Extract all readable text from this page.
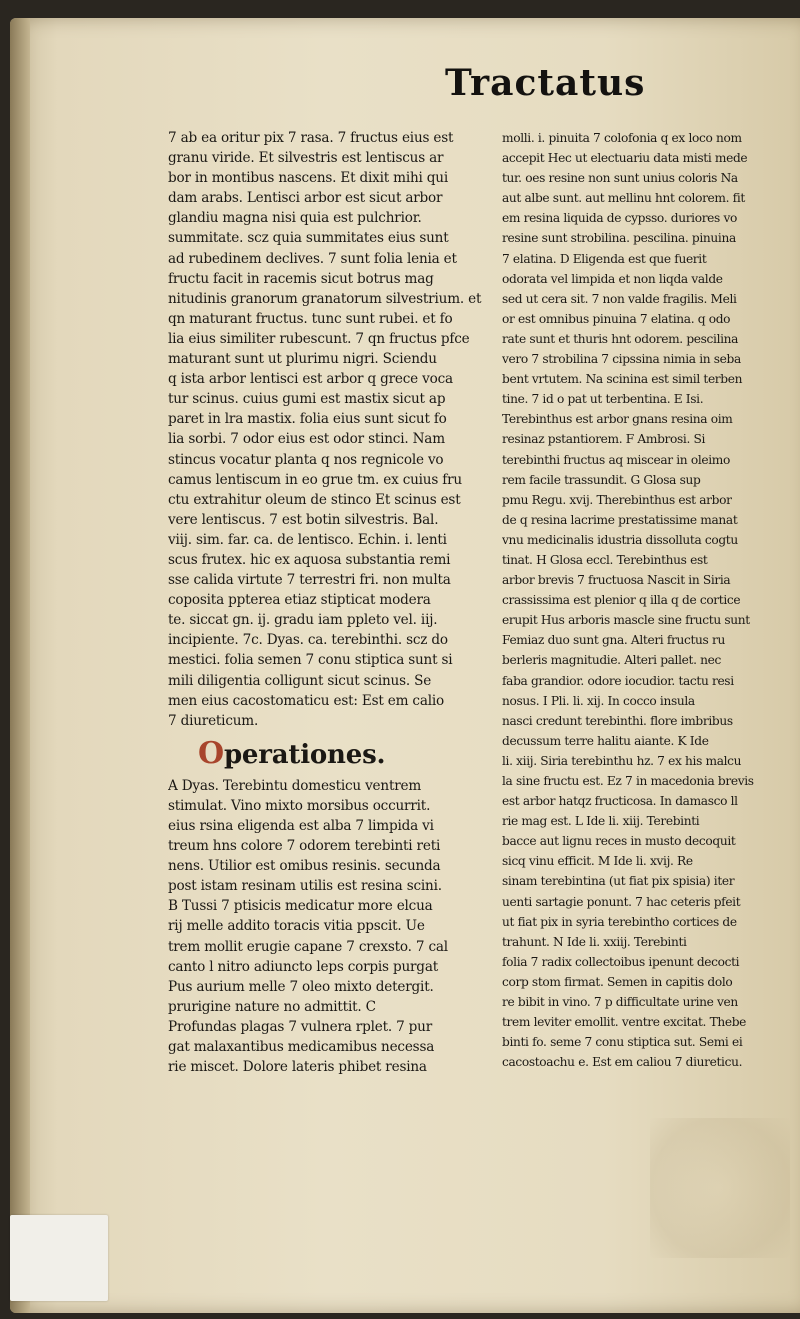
Tractatus
7 ab ea oritur pix 7 rasa. 7 fructus eius est
granu viride. Et silvestris est lentiscus ar
bor in montibus nascens. Et dixit mihi qui
dam arabs. Lentisci arbor est sicut arbor
glandiu magna nisi quia est pulchrior.
summitate. scz quia summitates eius sunt
ad rubedinem declives. 7 sunt folia lenia et
fructu facit in racemis sicut botrus mag
nitudinis granorum granatorum silvestrium. et
qn maturant fructus. tunc sunt rubei. et fo
lia eius similiter rubescunt. 7 qn fructus pfce
maturant sunt ut plurimu nigri. Sciendu
q ista arbor lentisci est arbor q grece voca
tur scinus. cuius gumi est mastix sicut ap
paret in lra mastix. folia eius sunt sicut fo
lia sorbi. 7 odor eius est odor stinci. Nam
stincus vocatur planta q nos regnicole vo
camus lentiscum in eo grue tm. ex cuius fru
ctu extrahitur oleum de stinco Et scinus est
vere lentiscus. 7 est botin silvestris. Bal.
viij. sim. far. ca. de lentisco. Echin. i. lenti
scus frutex. hic ex aquosa substantia remi
sse calida virtute 7 terrestri fri. non multa
coposita ppterea etiaz stipticat modera
te. siccat gn. ij. gradu iam ppleto vel. iij.
incipiente. 7c. Dyas. ca. terebinthi. scz do
mestici. folia semen 7 conu stiptica sunt si
mili diligentia colligunt sicut scinus. Se
men eius cacostomaticu est: Est em calio
7 diureticum.
Operationes.
A Dyas. Terebintu domesticu ventrem
stimulat. Vino mixto morsibus occurrit.
eius rsina eligenda est alba 7 limpida vi
treum hns colore 7 odorem terebinti reti
nens. Utilior est omibus resinis. secunda
post istam resinam utilis est resina scini.
B Tussi 7 ptisicis medicatur more elcua
rij melle addito toracis vitia ppscit. Ue
trem mollit erugie capane 7 crexsto. 7 cal
canto l nitro adiuncto leps corpis purgat
Pus aurium melle 7 oleo mixto detergit.
prurigine nature no admittit. C
Profundas plagas 7 vulnera rplet. 7 pur
gat malaxantibus medicamibus necessa
rie miscet. Dolore lateris phibet resina
molli. i. pinuita 7 colofonia q ex loco nom
accepit Hec ut electuariu data misti mede
tur. oes resine non sunt unius coloris Na
aut albe sunt. aut mellinu hnt colorem. fit
em resina liquida de cypsso. duriores vo
resine sunt strobilina. pescilina. pinuina
7 elatina. D Eligenda est que fuerit
odorata vel limpida et non liqda valde
sed ut cera sit. 7 non valde fragilis. Meli
or est omnibus pinuina 7 elatina. q odo
rate sunt et thuris hnt odorem. pescilina
vero 7 strobilina 7 cipssina nimia in seba
bent vrtutem. Na scinina est simil terben
tine. 7 id o pat ut terbentina. E Isi.
Terebinthus est arbor gnans resina oim
resinaz pstantiorem. F Ambrosi. Si
terebinthi fructus aq miscear in oleimo
rem facile trassundit. G Glosa sup
pmu Regu. xvij. Therebinthus est arbor
de q resina lacrime prestatissime manat
vnu medicinalis idustria dissolluta cogtu
tinat. H Glosa eccl. Terebinthus est
arbor brevis 7 fructuosa Nascit in Siria
crassissima est plenior q illa q de cortice
erupit Hus arboris mascle sine fructu sunt
Femiaz duo sunt gna. Alteri fructus ru
berleris magnitudie. Alteri pallet. nec
faba grandior. odore iocudior. tactu resi
nosus. I Pli. li. xij. In cocco insula
nasci credunt terebinthi. flore imbribus
decussum terre halitu aiante. K Ide
li. xiij. Siria terebinthu hz. 7 ex his malcu
la sine fructu est. Ez 7 in macedonia brevis
est arbor hatqz fructicosa. In damasco ll
rie mag est. L Ide li. xiij. Terebinti
bacce aut lignu reces in musto decoquit
sicq vinu efficit. M Ide li. xvij. Re
sinam terebintina (ut fiat pix spisia) iter
uenti sartagie ponunt. 7 hac ceteris pfeit
ut fiat pix in syria terebintho cortices de
trahunt. N Ide li. xxiij. Terebinti
folia 7 radix collectoibus ipenunt decocti
corp stom firmat. Semen in capitis dolo
re bibit in vino. 7 p difficultate urine ven
trem leviter emollit. ventre excitat. Thebe
binti fo. seme 7 conu stiptica sut. Semi ei
cacostoachu e. Est em caliou 7 diureticu.
